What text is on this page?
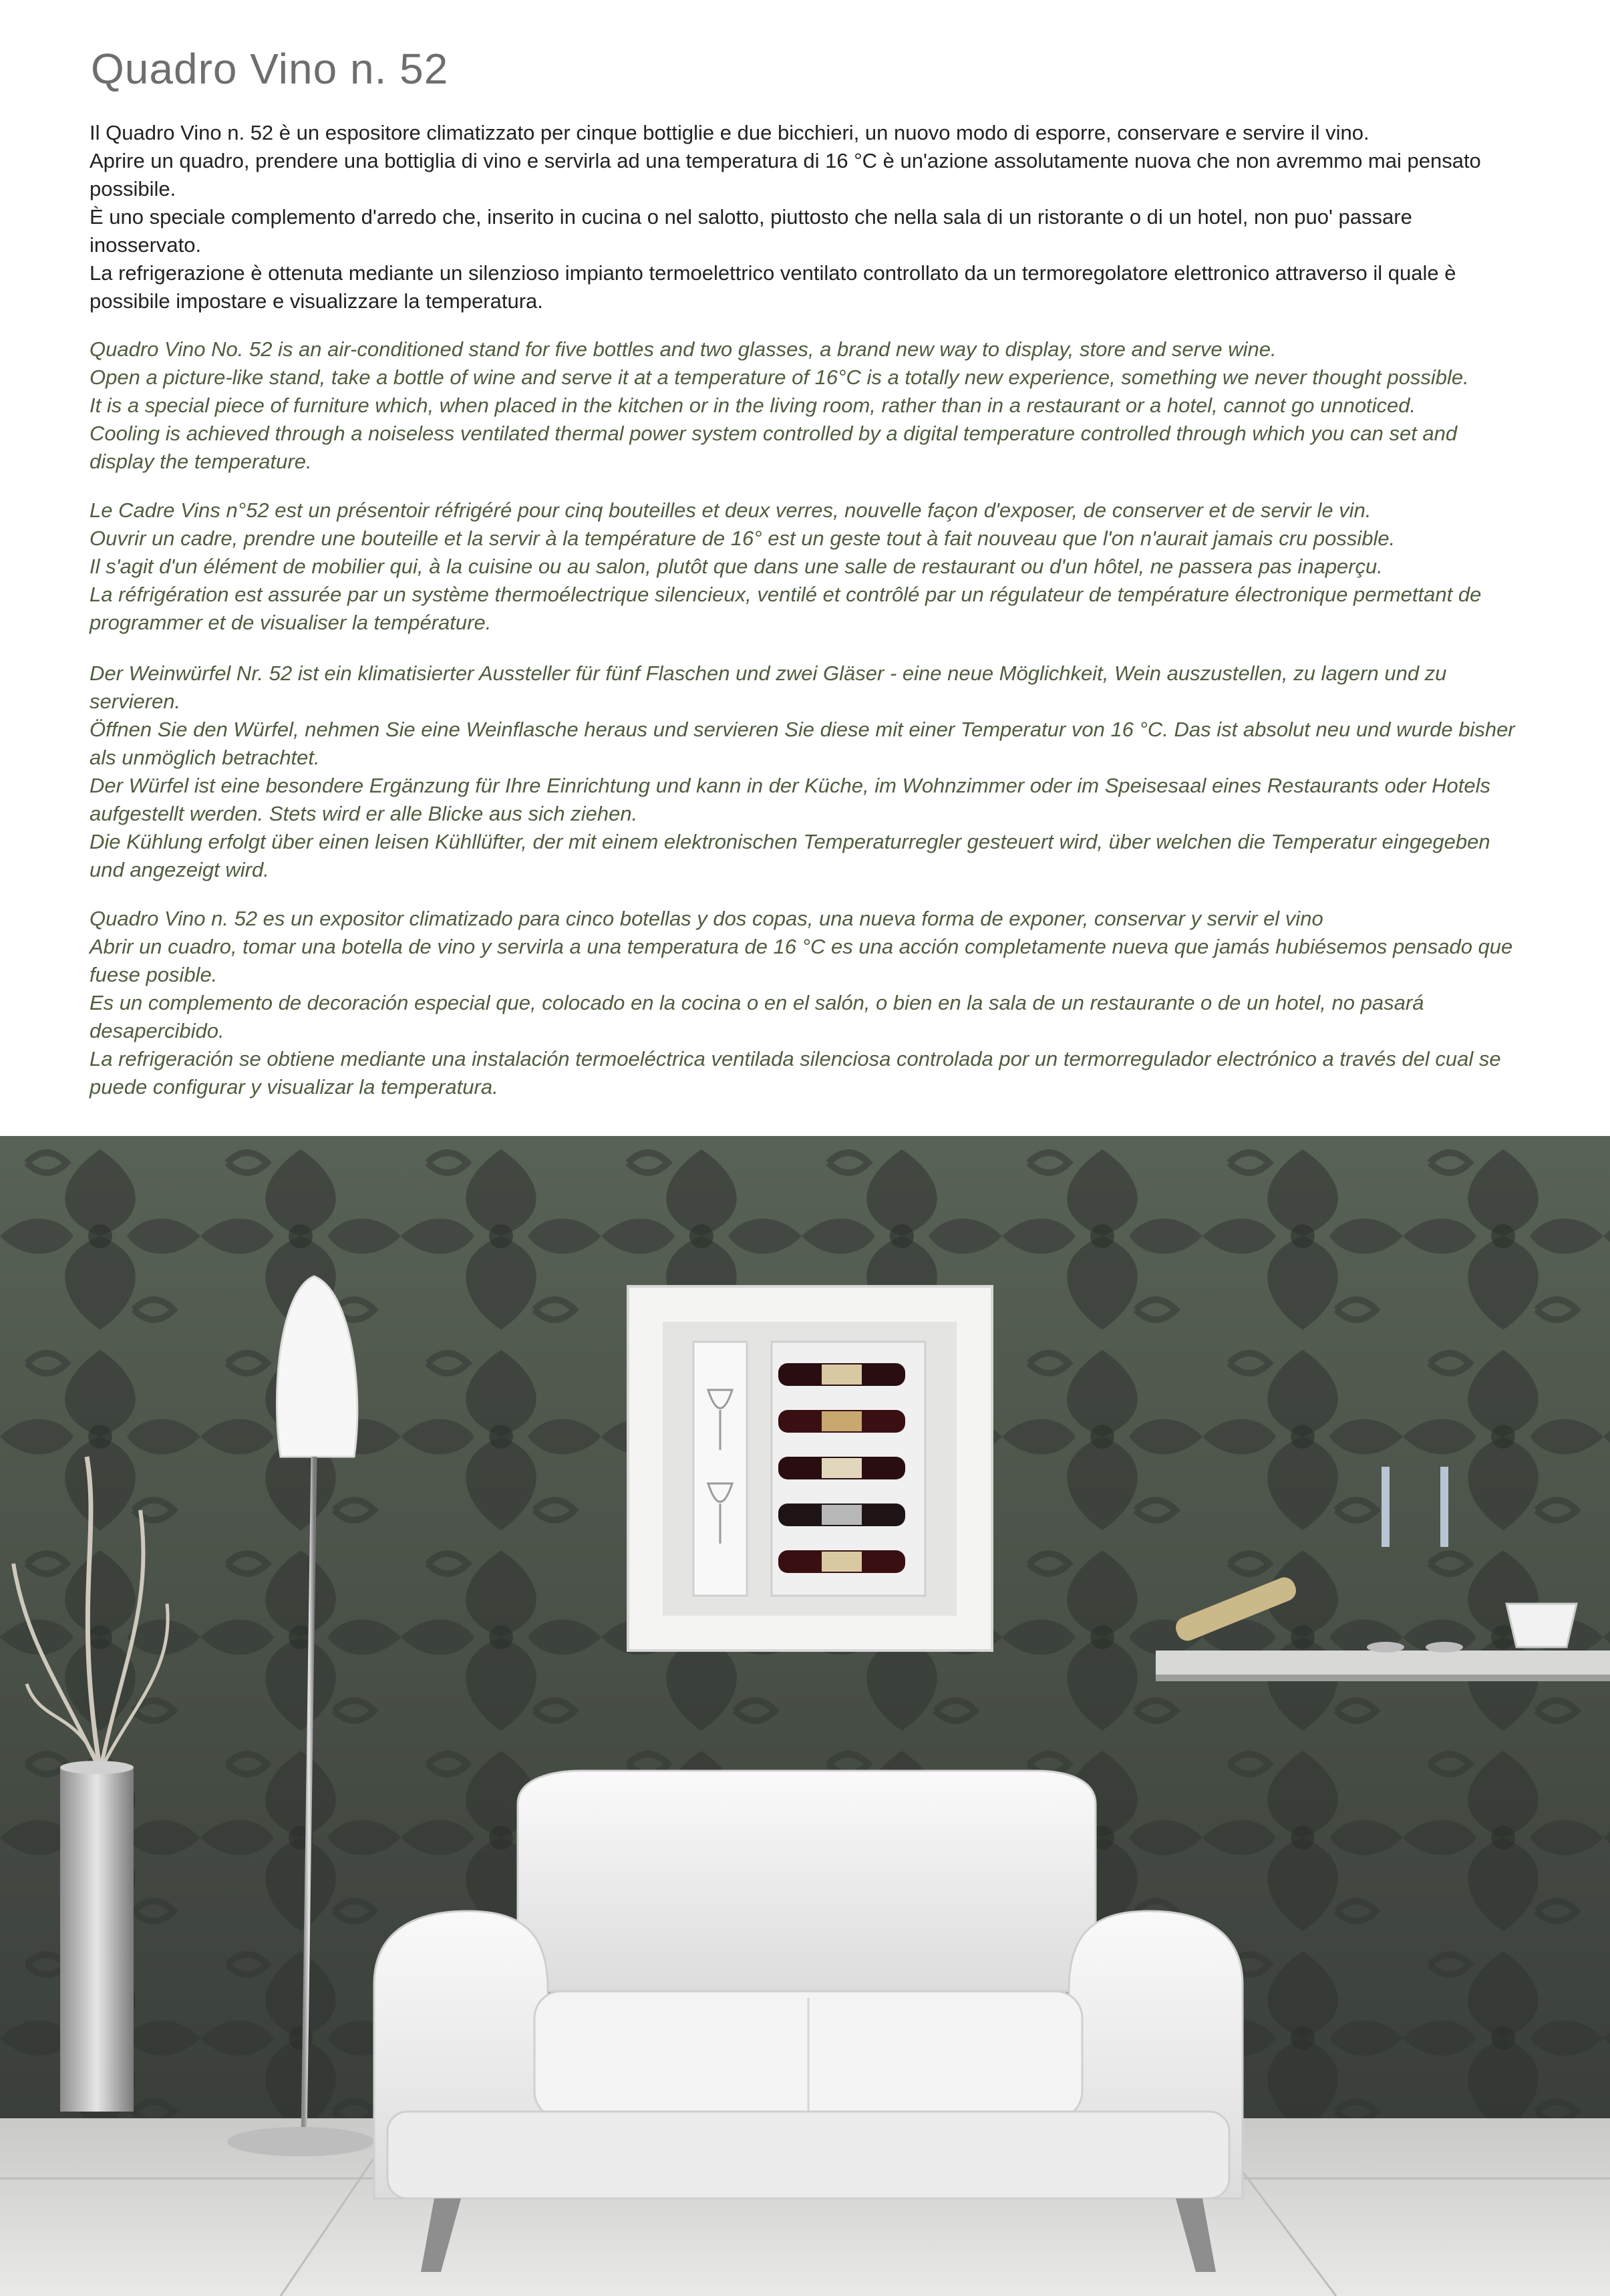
Quadro Vino n. 52

Il Quadro Vino n. 52 è un espositore climatizzato per cinque bottiglie e due bicchieri, un nuovo modo di esporre, conservare e servire il vino.

Aprire un quadro, prendere una bottiglia di vino e servirla ad una temperatura di 16 °C è un'azione assolutamente nuova che non avremmo mai pensato possibile.

È uno speciale complemento d'arredo che, inserito in cucina o nel salotto, piuttosto che nella sala di un ristorante o di un hotel, non puo' passare inosservato.

La refrigerazione è ottenuta mediante un silenzioso impianto termoelettrico ventilato controllato da un termoregolatore elettronico attraverso il quale è possibile impostare e visualizzare la temperatura.

Quadro Vino No. 52 is an air-conditioned stand for five bottles and two glasses, a brand new way to display, store and serve wine.

Open a picture-like stand, take a bottle of wine and serve it at a temperature of 16°C is a totally new experience, something we never thought possible.

It is a special piece of furniture which, when placed in the kitchen or in the living room, rather than in a restaurant or a hotel, cannot go unnoticed.

Cooling is achieved through a noiseless ventilated thermal power system controlled by a digital temperature controlled through which you can set and display the temperature.

Le Cadre Vins n°52 est un présentoir réfrigéré pour cinq bouteilles et deux verres, nouvelle façon d'exposer, de conserver et de servir le vin.

Ouvrir un cadre, prendre une bouteille et la servir à la température de 16° est un geste tout à fait nouveau que l'on n'aurait jamais cru possible.

Il s'agit d'un élément de mobilier qui, à la cuisine ou au salon, plutôt que dans une salle de restaurant ou d'un hôtel, ne passera pas inaperçu.

La réfrigération est assurée par un système thermoélectrique silencieux, ventilé et contrôlé par un régulateur de température électronique permettant de programmer et de visualiser la température.

Der Weinwürfel Nr. 52 ist ein klimatisierter Aussteller für fünf Flaschen und zwei Gläser - eine neue Möglichkeit, Wein auszustellen, zu lagern und zu servieren.

Öffnen Sie den Würfel, nehmen Sie eine Weinflasche heraus und servieren Sie diese mit einer Temperatur von 16 °C. Das ist absolut neu und wurde bisher als unmöglich betrachtet.

Der Würfel ist eine besondere Ergänzung für Ihre Einrichtung und kann in der Küche, im Wohnzimmer oder im Speisesaal eines Restaurants oder Hotels aufgestellt werden. Stets wird er alle Blicke aus sich ziehen.

Die Kühlung erfolgt über einen leisen Kühllüfter, der mit einem elektronischen Temperaturregler gesteuert wird, über welchen die Temperatur eingegeben und angezeigt wird.

Quadro Vino n. 52 es un expositor climatizado para cinco botellas y dos copas, una nueva forma de exponer, conservar y servir el vino

Abrir un cuadro, tomar una botella de vino y servirla a una temperatura de 16 °C es una acción completamente nueva que jamás hubiésemos pensado que fuese posible.

Es un complemento de decoración especial que, colocado en la cocina o en el salón, o bien en la sala de un restaurante o de un hotel, no pasará desapercibido.

La refrigeración se obtiene mediante una instalación termoeléctrica ventilada silenciosa controlada por un termorregulador electrónico a través del cual se puede configurar y visualizar la temperatura.
